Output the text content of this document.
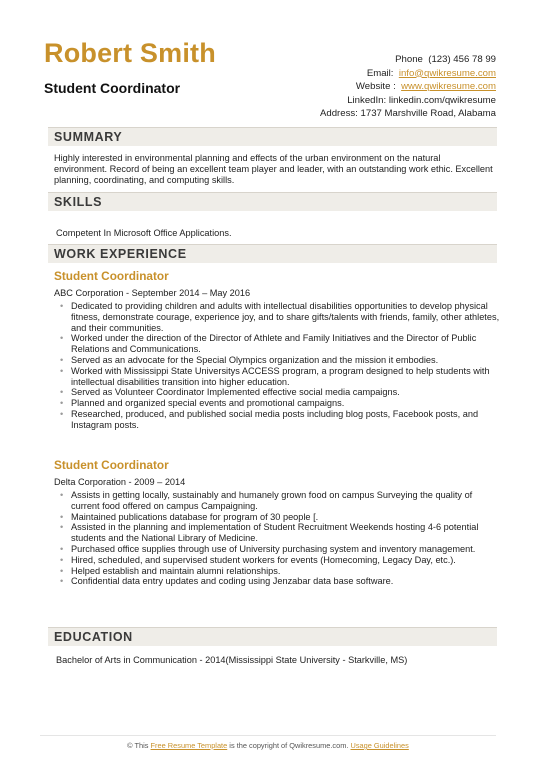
Robert Smith
Student Coordinator
Phone (123) 456 78 99
Email: info@qwikresume.com
Website : www.qwikresume.com
LinkedIn: linkedin.com/qwikresume
Address: 1737 Marshville Road, Alabama
SUMMARY
Highly interested in environmental planning and effects of the urban environment on the natural environment. Record of being an excellent team player and leader, with an outstanding work ethic. Excellent planning, coordinating, and computing skills.
SKILLS
Competent In Microsoft Office Applications.
WORK EXPERIENCE
Student Coordinator
ABC Corporation - September 2014 – May 2016
• Dedicated to providing children and adults with intellectual disabilities opportunities to develop physical fitness, demonstrate courage, experience joy, and to share gifts/talents with friends, family, other athletes, and their communities.
• Worked under the direction of the Director of Athlete and Family Initiatives and the Director of Public Relations and Communications.
• Served as an advocate for the Special Olympics organization and the mission it embodies.
• Worked with Mississippi State Universitys ACCESS program, a program designed to help students with intellectual disabilities transition into higher education.
• Served as Volunteer Coordinator Implemented effective social media campaigns.
• Planned and organized special events and promotional campaigns.
• Researched, produced, and published social media posts including blog posts, Facebook posts, and Instagram posts.
Student Coordinator
Delta Corporation - 2009 – 2014
• Assists in getting locally, sustainably and humanely grown food on campus Surveying the quality of current food offered on campus Campaigning.
• Maintained publications database for program of 30 people [.
• Assisted in the planning and implementation of Student Recruitment Weekends hosting 4-6 potential students and the National Library of Medicine.
• Purchased office supplies through use of University purchasing system and inventory management.
• Hired, scheduled, and supervised student workers for events (Homecoming, Legacy Day, etc.).
• Helped establish and maintain alumni relationships.
• Confidential data entry updates and coding using Jenzabar data base software.
EDUCATION
Bachelor of Arts in Communication - 2014(Mississippi State University - Starkville, MS)
© This Free Resume Template is the copyright of Qwikresume.com. Usage Guidelines
